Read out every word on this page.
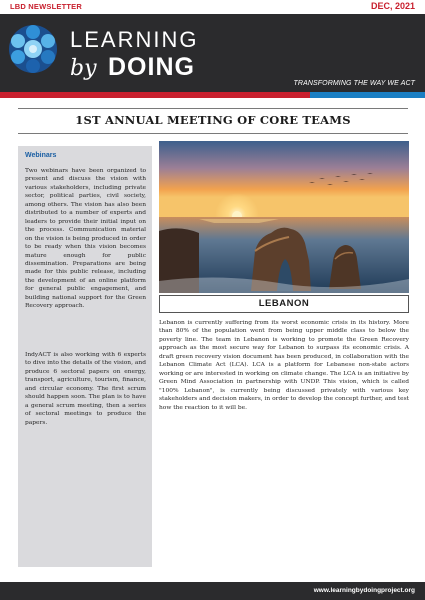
LBD NEWSLETTER	DEC, 2021
LEARNING
by DOING
TRANSFORMING THE WAY WE ACT
1ST ANNUAL MEETING OF CORE TEAMS
Webinars
Two webinars have been organized to present and discuss the vision with various stakeholders, including private sector, political parties, civil society, among others. The vision has also been distributed to a number of experts and leaders to provide their initial input on the process. Communication material on the vision is being produced in order to be ready when this vision becomes mature enough for public dissemination. Preparations are being made for this public release, including the development of an online platform for general public engagement, and building national support for the Green Recovery approach.
IndyACT is also working with 6 experts to dive into the details of the vision, and produce 6 sectoral papers on energy, transport, agriculture, tourism, finance, and circular economy. The first scrum should happen soon. The plan is to have a general scrum meeting, then a series of sectoral meetings to produce the papers.
LEBANON
Lebanon is currently suffering from its worst economic crisis in its history. More than 80% of the population went from being upper middle class to below the poverty line. The team in Lebanon is working to promote the Green Recovery approach as the most secure way for Lebanon to surpass its economic crisis. A draft green recovery vision document has been produced, in collaboration with the Lebanon Climate Act (LCA). LCA is a platform for Lebanese non-state actors working or are interested in working on climate change. The LCA is an initiative by Green Mind Association in partnership with UNDP. This vision, which is called "100% Lebanon", is currently being discussed privately with various key stakeholders and decision makers, in order to develop the concept further, and test how the reaction to it will be.
www.learningbydoingproject.org
